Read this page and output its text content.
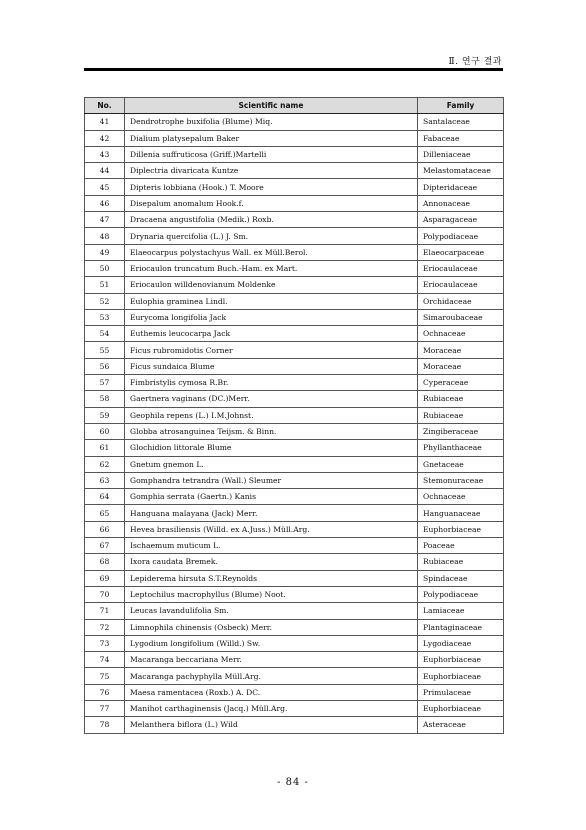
Ⅱ. 연구 결과
No.	Scientific name	Family
41	Dendrotrophe buxifolia (Blume) Miq.	Santalaceae
42	Dialium platysepalum Baker	Fabaceae
43	Dillenia suffruticosa (Griff.)Martelli	Dilleniaceae
44	Diplectria divaricata Kuntze	Melastomataceae
45	Dipteris lobbiana (Hook.) T. Moore	Dipteridaceae
46	Disepalum anomalum Hook.f.	Annonaceae
47	Dracaena angustifolia (Medik.) Roxb.	Asparagaceae
48	Drynaria quercifolia (L.) J. Sm.	Polypodiaceae
49	Elaeocarpus polystachyus Wall. ex Müll.Berol.	Elaeocarpaceae
50	Eriocaulon truncatum Buch.-Ham. ex Mart.	Eriocaulaceae
51	Eriocaulon willdenovianum Moldenke	Eriocaulaceae
52	Eulophia graminea Lindl.	Orchidaceae
53	Eurycoma longifolia Jack	Simaroubaceae
54	Euthemis leucocarpa Jack	Ochnaceae
55	Ficus rubromidotis Corner	Moraceae
56	Ficus sundaica Blume	Moraceae
57	Fimbristylis cymosa R.Br.	Cyperaceae
58	Gaertnera vaginans (DC.)Merr.	Rubiaceae
59	Geophila repens (L.) I.M.Johnst.	Rubiaceae
60	Globba atrosanguinea Teijsm. & Binn.	Zingiberaceae
61	Glochidion littorale Blume	Phyllanthaceae
62	Gnetum gnemon L.	Gnetaceae
63	Gomphandra tetrandra (Wall.) Sleumer	Stemonuraceae
64	Gomphia serrata (Gaertn.) Kanis	Ochnaceae
65	Hanguana malayana (Jack) Merr.	Hanguanaceae
66	Hevea brasiliensis (Willd. ex A.Juss.) Müll.Arg.	Euphorbiaceae
67	Ischaemum muticum L.	Poaceae
68	Ixora caudata Bremek.	Rubiaceae
69	Lepiderema hirsuta S.T.Reynolds	Spindaceae
70	Leptochilus macrophyllus (Blume) Noot.	Polypodiaceae
71	Leucas lavandulifolia Sm.	Lamiaceae
72	Limnophila chinensis (Osbeck) Merr.	Plantaginaceae
73	Lygodium longifolium (Willd.) Sw.	Lygodiaceae
74	Macaranga beccariana Merr.	Euphorbiaceae
75	Macaranga pachyphylla Müll.Arg.	Euphorbiaceae
76	Maesa ramentacea (Roxb.) A. DC.	Primulaceae
77	Manihot carthaginensis (Jacq.) Müll.Arg.	Euphorbiaceae
78	Melanthera biflora (L.) Wild	Asteraceae
- 84 -
